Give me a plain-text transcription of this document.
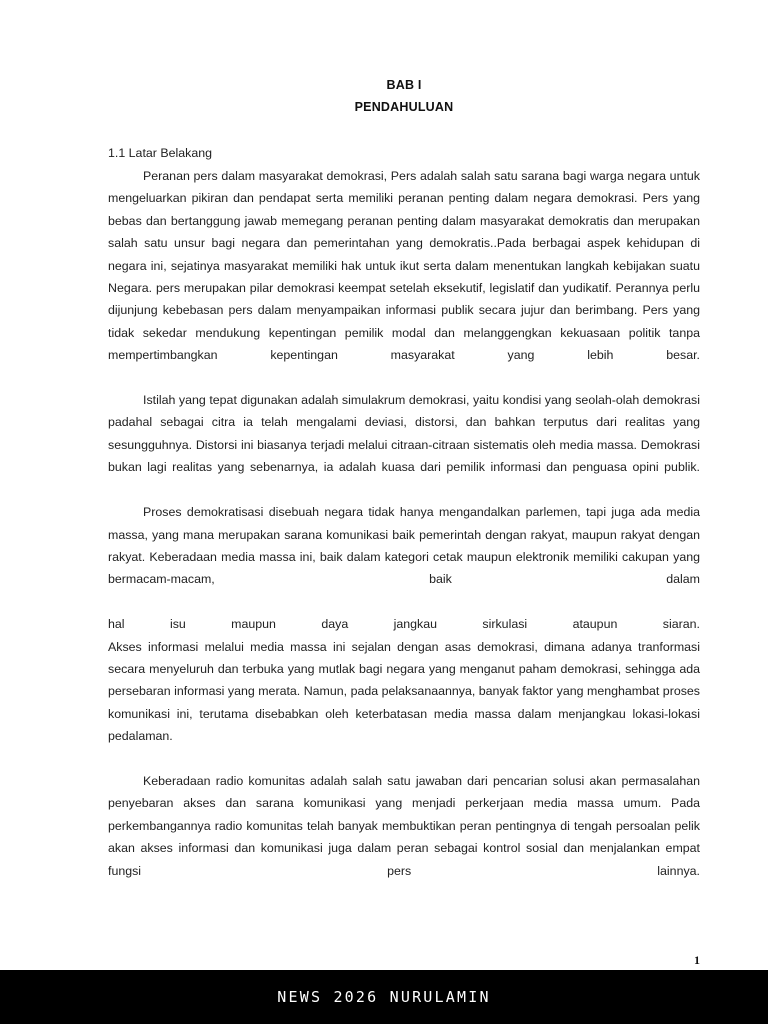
BAB I
PENDAHULUAN
1.1 Latar Belakang

Peranan pers dalam masyarakat demokrasi, Pers adalah salah satu sarana bagi warga negara untuk mengeluarkan pikiran dan pendapat serta memiliki peranan penting dalam negara demokrasi. Pers yang bebas dan bertanggung jawab memegang peranan penting dalam masyarakat demokratis dan merupakan salah satu unsur bagi negara dan pemerintahan yang demokratis..Pada berbagai aspek kehidupan di negara ini, sejatinya masyarakat memiliki hak untuk ikut serta dalam menentukan langkah kebijakan suatu Negara. pers merupakan pilar demokrasi keempat setelah eksekutif, legislatif dan yudikatif. Perannya perlu dijunjung kebebasan pers dalam menyampaikan informasi publik secara jujur dan berimbang. Pers yang tidak sekedar mendukung kepentingan pemilik modal dan melanggengkan kekuasaan politik tanpa mempertimbangkan kepentingan masyarakat yang lebih besar.

Istilah yang tepat digunakan adalah simulakrum demokrasi, yaitu kondisi yang seolah-olah demokrasi padahal sebagai citra ia telah mengalami deviasi, distorsi, dan bahkan terputus dari realitas yang sesungguhnya. Distorsi ini biasanya terjadi melalui citraan-citraan sistematis oleh media massa. Demokrasi bukan lagi realitas yang sebenarnya, ia adalah kuasa dari pemilik informasi dan penguasa opini publik.

Proses demokratisasi disebuah negara tidak hanya mengandalkan parlemen, tapi juga ada media massa, yang mana merupakan sarana komunikasi baik pemerintah dengan rakyat, maupun rakyat dengan rakyat. Keberadaan media massa ini, baik dalam kategori cetak maupun elektronik memiliki cakupan yang bermacam-macam, baik dalam

hal	isu	maupun	daya	jangkau	sirkulasi	ataupun	siaran.

Akses informasi melalui media massa ini sejalan dengan asas demokrasi, dimana adanya tranformasi secara menyeluruh dan terbuka yang mutlak bagi negara yang menganut paham demokrasi, sehingga ada persebaran informasi yang merata. Namun, pada pelaksanaannya, banyak faktor yang menghambat proses komunikasi ini, terutama disebabkan oleh keterbatasan media massa dalam menjangkau lokasi-lokasi pedalaman.

Keberadaan radio komunitas adalah salah satu jawaban dari pencarian solusi akan permasalahan penyebaran akses dan sarana komunikasi yang menjadi perkerjaan media massa umum. Pada perkembangannya radio komunitas telah banyak membuktikan peran pentingnya di tengah persoalan pelik akan akses informasi dan komunikasi juga dalam peran sebagai kontrol sosial dan menjalankan empat fungsi pers lainnya.

1
NEWS 2026 NURULAMIN
